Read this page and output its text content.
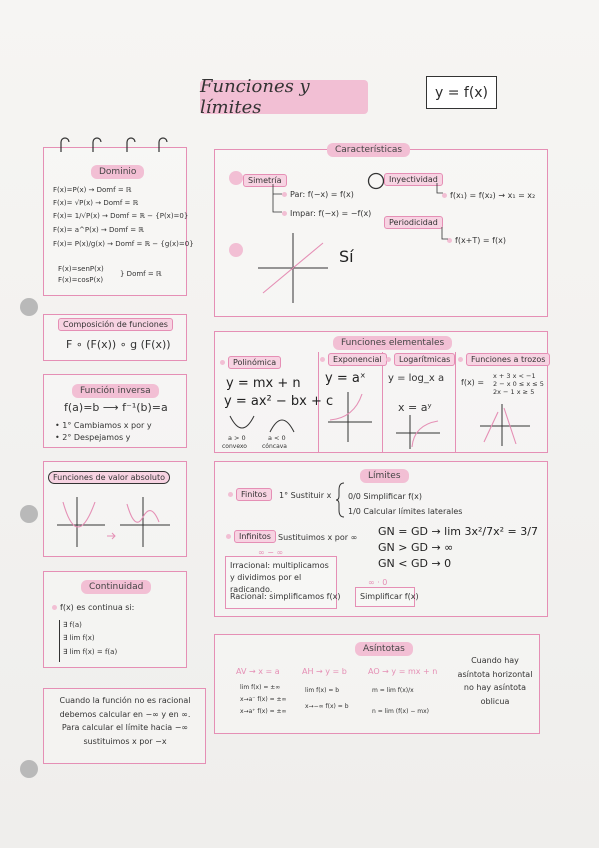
Funciones y límites
y = f(x)
Dominio
F(x)=P(x) → Domf = ℝ
F(x)= √P(x) → Domf = ℝ
F(x)= 1/√P(x) → Domf = ℝ − {P(x)=0}
F(x)= a^P(x) → Domf = ℝ
F(x)= P(x)/g(x) → Domf = ℝ − {g(x)=0}
F(x)=senP(x)
F(x)=cosP(x)
} Domf = ℝ
Composición de funciones
F ∘ (F(x)) ∘ g (F(x))
Función inversa
f(a)=b ⟶ f⁻¹(b)=a
• 1° Cambiamos x por y
• 2° Despejamos y
Funciones de valor absoluto
Continuidad
f(x) es continua si:
∃ f(a)
∃ lim f(x)
∃ lim f(x) = f(a)
Características
Simetría
Par: f(−x) = f(x)
Impar: f(−x) = −f(x)
Sí
Inyectividad
f(x₁) = f(x₂) → x₁ = x₂
Periodicidad
f(x+T) = f(x)
Funciones elementales
Polinómica
y = mx + n
y = ax² − bx + c
a > 0
convexo
a < 0
cóncava
Exponencial
y = aˣ
Logarítmicas
y = log_x a
x = aʸ
Funciones a trozos
f(x) =
x + 3 x < −1
2 − x 0 ≤ x ≤ 5
2x − 1 x ≥ 5
Límites
Finitos	1° Sustituir x 0/0 Simplificar f(x)
1/0 Calcular límites laterales
Infinitos Sustituimos x por ∞
∞ − ∞
Irracional: multiplicamos y dividimos por el radicando.
Racional: simplificamos f(x)
∞ · 0
Simplificar f(x)
GN = GD → lim 3x²/7x² = 3/7
GN > GD → ∞
GN < GD → 0
Asíntotas
AV → x = a
lim f(x) = ±∞
x→a⁻ f(x) = ±∞
x→a⁺ f(x) = ±∞
AH → y = b
lim f(x) = b
x→−∞ f(x) = b
AO → y = mx + n
m = lim f(x)/x
n = lim (f(x) − mx)
Cuando hay asíntota horizontal no hay asíntota oblicua
Cuando la función no es racional debemos calcular en −∞ y en ∞. Para calcular el límite hacia −∞ sustituimos x por −x
